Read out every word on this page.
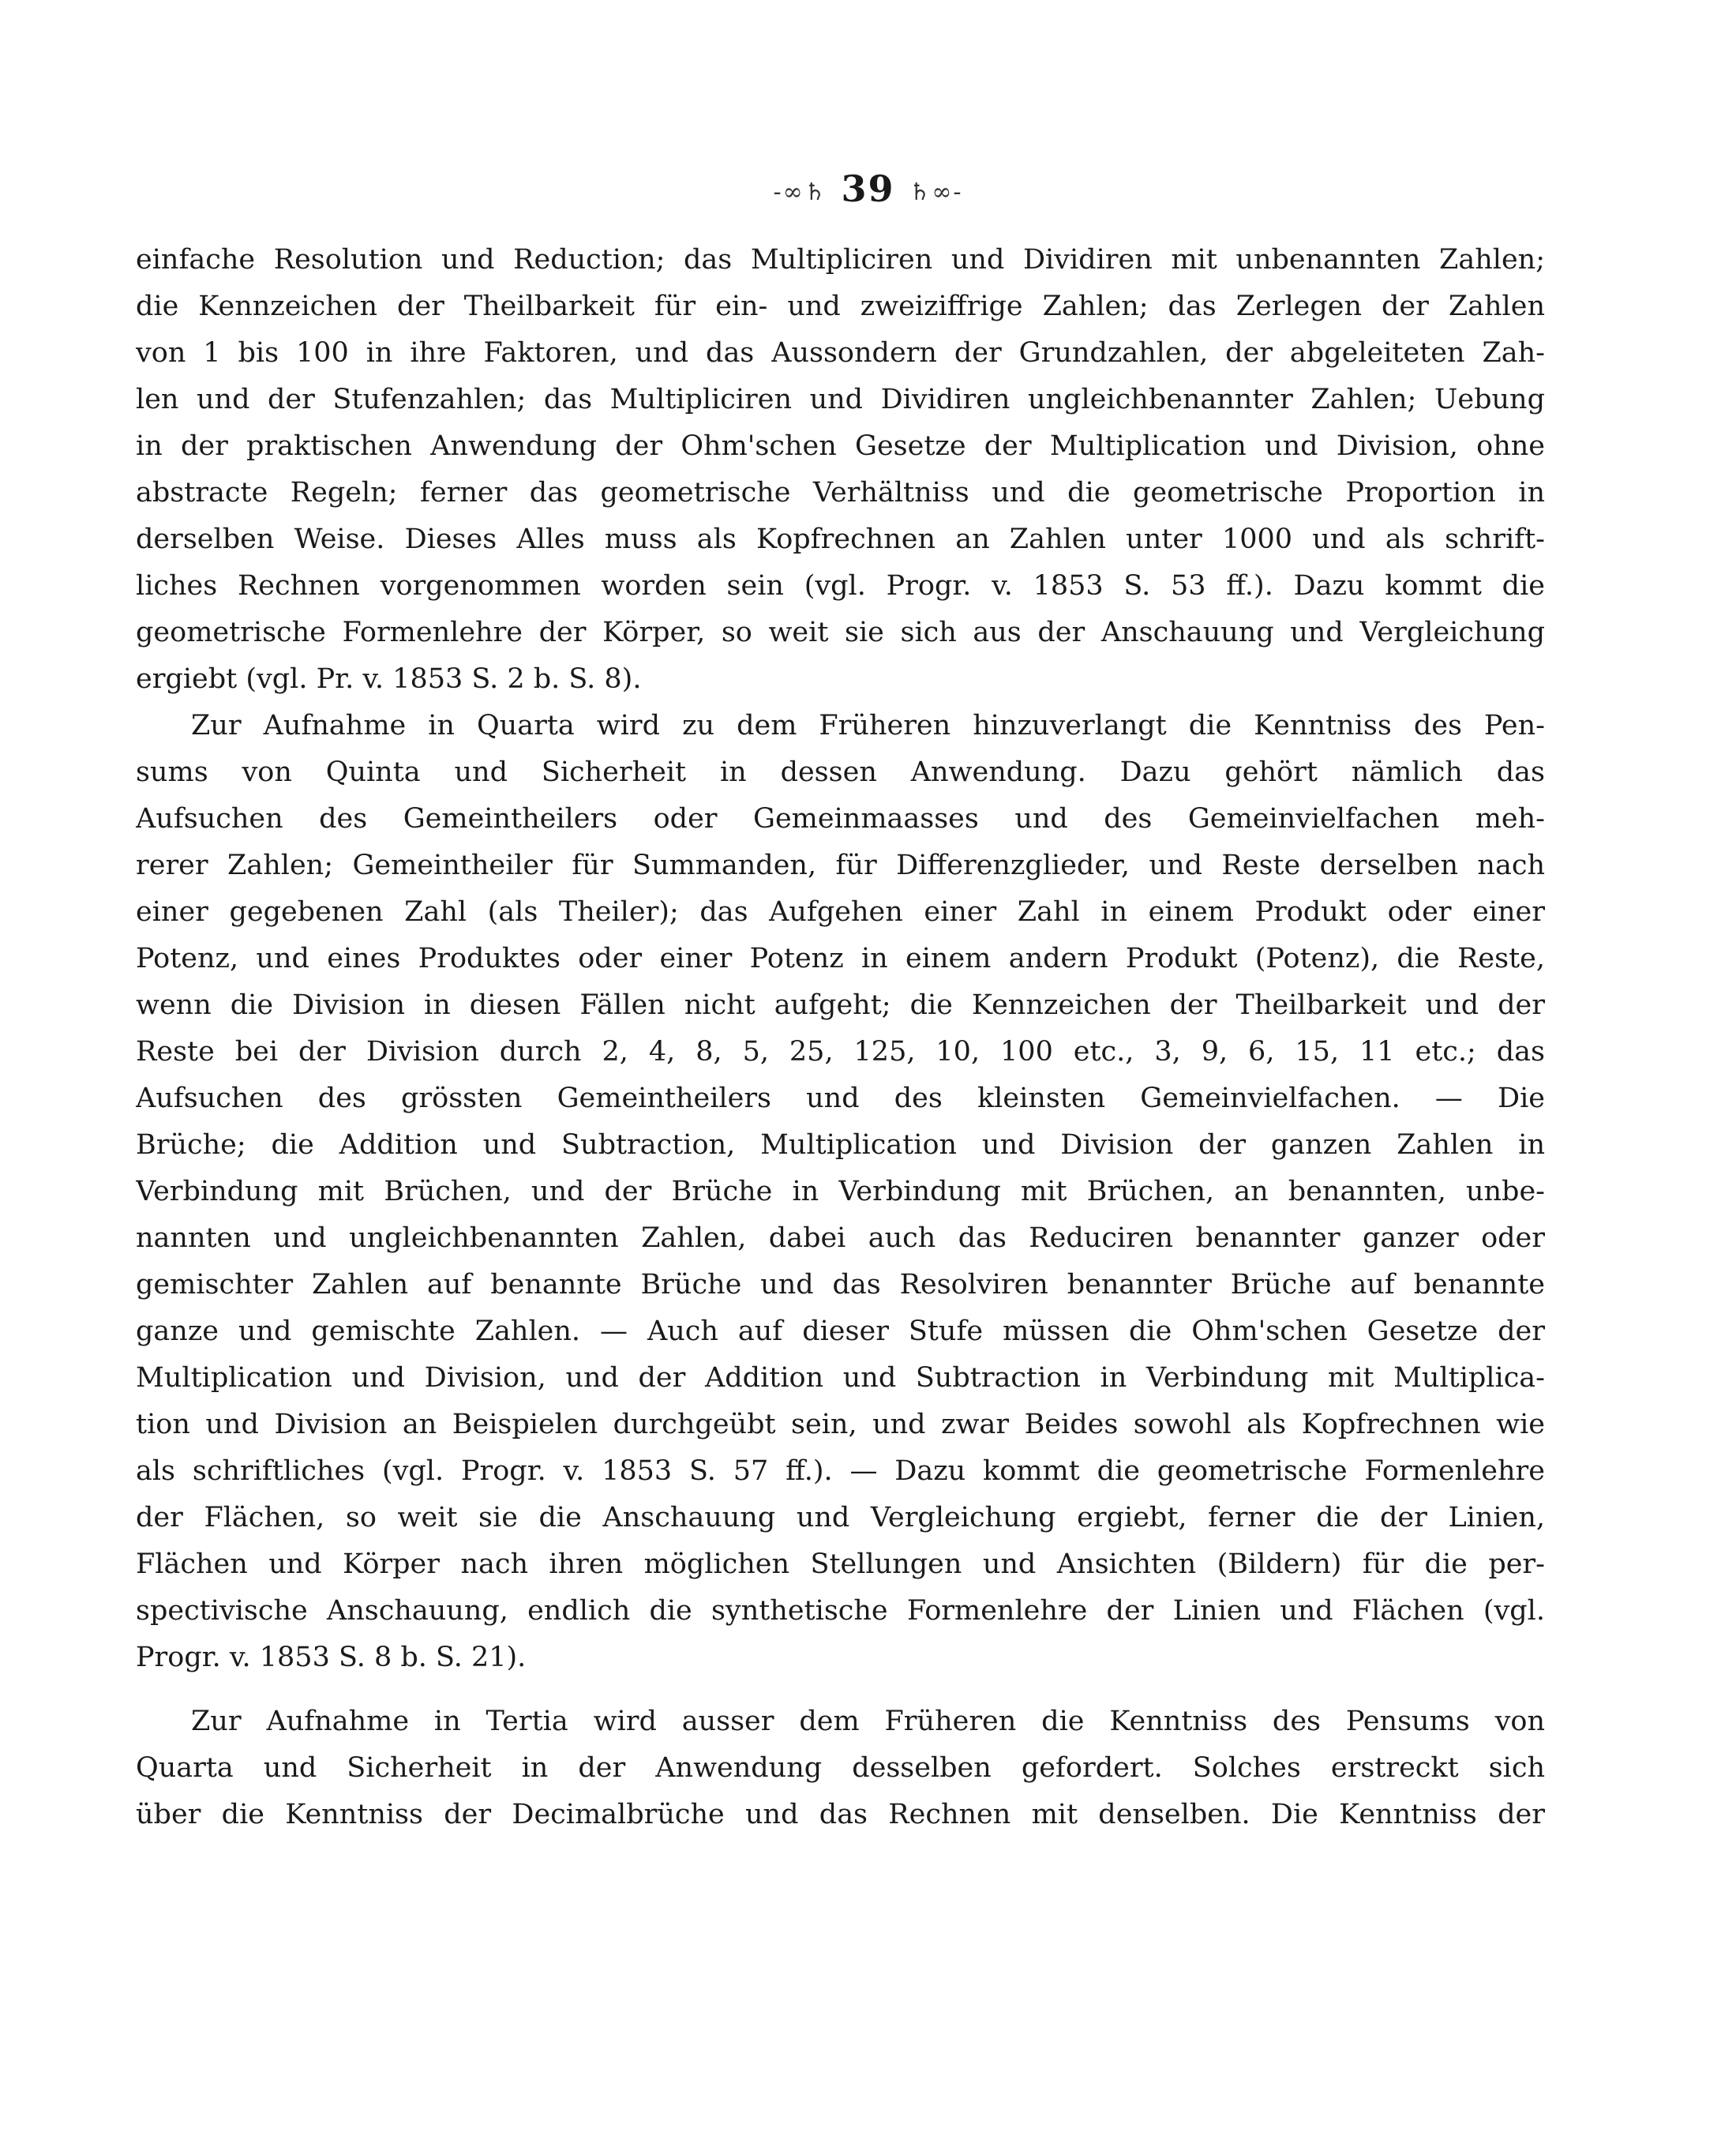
-∞♄ 39 ♄∞-
einfache Resolution und Reduction; das Multipliciren und Dividiren mit unbenannten Zahlen;
die Kennzeichen der Theilbarkeit für ein- und zweiziffrige Zahlen; das Zerlegen der Zahlen
von 1 bis 100 in ihre Faktoren, und das Aussondern der Grundzahlen, der abgeleiteten Zah-
len und der Stufenzahlen; das Multipliciren und Dividiren ungleichbenannter Zahlen; Uebung
in der praktischen Anwendung der Ohm'schen Gesetze der Multiplication und Division, ohne
abstracte Regeln; ferner das geometrische Verhältniss und die geometrische Proportion in
derselben Weise. Dieses Alles muss als Kopfrechnen an Zahlen unter 1000 und als schrift-
liches Rechnen vorgenommen worden sein (vgl. Progr. v. 1853 S. 53 ff.). Dazu kommt die
geometrische Formenlehre der Körper, so weit sie sich aus der Anschauung und Vergleichung
ergiebt (vgl. Pr. v. 1853 S. 2 b. S. 8).
Zur Aufnahme in Quarta wird zu dem Früheren hinzuverlangt die Kenntniss des Pen-
sums von Quinta und Sicherheit in dessen Anwendung. Dazu gehört nämlich das
Aufsuchen des Gemeintheilers oder Gemeinmaasses und des Gemeinvielfachen meh-
rerer Zahlen; Gemeintheiler für Summanden, für Differenzglieder, und Reste derselben nach
einer gegebenen Zahl (als Theiler); das Aufgehen einer Zahl in einem Produkt oder einer
Potenz, und eines Produktes oder einer Potenz in einem andern Produkt (Potenz), die Reste,
wenn die Division in diesen Fällen nicht aufgeht; die Kennzeichen der Theilbarkeit und der
Reste bei der Division durch 2, 4, 8, 5, 25, 125, 10, 100 etc., 3, 9, 6, 15, 11 etc.; das
Aufsuchen des grössten Gemeintheilers und des kleinsten Gemeinvielfachen. — Die
Brüche; die Addition und Subtraction, Multiplication und Division der ganzen Zahlen in
Verbindung mit Brüchen, und der Brüche in Verbindung mit Brüchen, an benannten, unbe-
nannten und ungleichbenannten Zahlen, dabei auch das Reduciren benannter ganzer oder
gemischter Zahlen auf benannte Brüche und das Resolviren benannter Brüche auf benannte
ganze und gemischte Zahlen. — Auch auf dieser Stufe müssen die Ohm'schen Gesetze der
Multiplication und Division, und der Addition und Subtraction in Verbindung mit Multiplica-
tion und Division an Beispielen durchgeübt sein, und zwar Beides sowohl als Kopfrechnen wie
als schriftliches (vgl. Progr. v. 1853 S. 57 ff.). — Dazu kommt die geometrische Formenlehre
der Flächen, so weit sie die Anschauung und Vergleichung ergiebt, ferner die der Linien,
Flächen und Körper nach ihren möglichen Stellungen und Ansichten (Bildern) für die per-
spectivische Anschauung, endlich die synthetische Formenlehre der Linien und Flächen (vgl.
Progr. v. 1853 S. 8 b. S. 21).
Zur Aufnahme in Tertia wird ausser dem Früheren die Kenntniss des Pensums von
Quarta und Sicherheit in der Anwendung desselben gefordert. Solches erstreckt sich
über die Kenntniss der Decimalbrüche und das Rechnen mit denselben. Die Kenntniss der
